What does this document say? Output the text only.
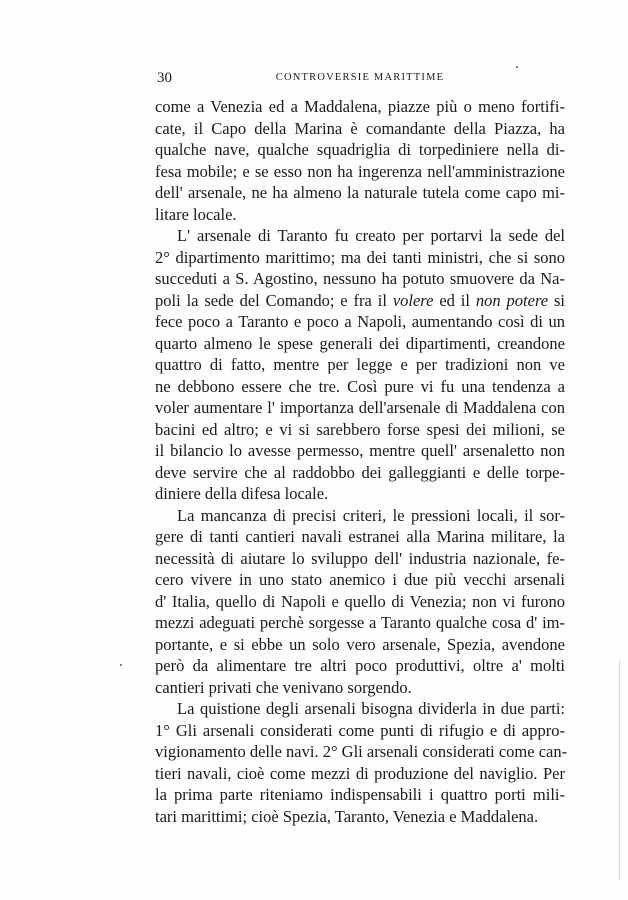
30	CONTROVERSIE MARITTIME
come a Venezia ed a Maddalena, piazze più o meno fortifi-
cate, il Capo della Marina è comandante della Piazza, ha
qualche nave, qualche squadriglia di torpediniere nella di-
fesa mobile; e se esso non ha ingerenza nell'amministrazione
dell' arsenale, ne ha almeno la naturale tutela come capo mi-
litare locale.
L' arsenale di Taranto fu creato per portarvi la sede del
2° dipartimento marittimo; ma dei tanti ministri, che si sono
succeduti a S. Agostino, nessuno ha potuto smuovere da Na-
poli la sede del Comando; e fra il volere ed il non potere si
fece poco a Taranto e poco a Napoli, aumentando così di un
quarto almeno le spese generali dei dipartimenti, creandone
quattro di fatto, mentre per legge e per tradizioni non ve
ne debbono essere che tre. Così pure vi fu una tendenza a
voler aumentare l' importanza dell'arsenale di Maddalena con
bacini ed altro; e vi si sarebbero forse spesi dei milioni, se
il bilancio lo avesse permesso, mentre quell' arsenaletto non
deve servire che al raddobbo dei galleggianti e delle torpe-
diniere della difesa locale.
La mancanza di precisi criteri, le pressioni locali, il sor-
gere di tanti cantieri navali estranei alla Marina militare, la
necessità di aiutare lo sviluppo dell' industria nazionale, fe-
cero vivere in uno stato anemico i due più vecchi arsenali
d' Italia, quello di Napoli e quello di Venezia; non vi furono
mezzi adeguati perchè sorgesse a Taranto qualche cosa d' im-
portante, e si ebbe un solo vero arsenale, Spezia, avendone
però da alimentare tre altri poco produttivi, oltre a' molti
cantieri privati che venivano sorgendo.
La quistione degli arsenali bisogna dividerla in due parti:
1° Gli arsenali considerati come punti di rifugio e di appro-
vigionamento delle navi. 2° Gli arsenali considerati come can-
tieri navali, cioè come mezzi di produzione del naviglio. Per
la prima parte riteniamo indispensabili i quattro porti mili-
tari marittimi; cioè Spezia, Taranto, Venezia e Maddalena.
